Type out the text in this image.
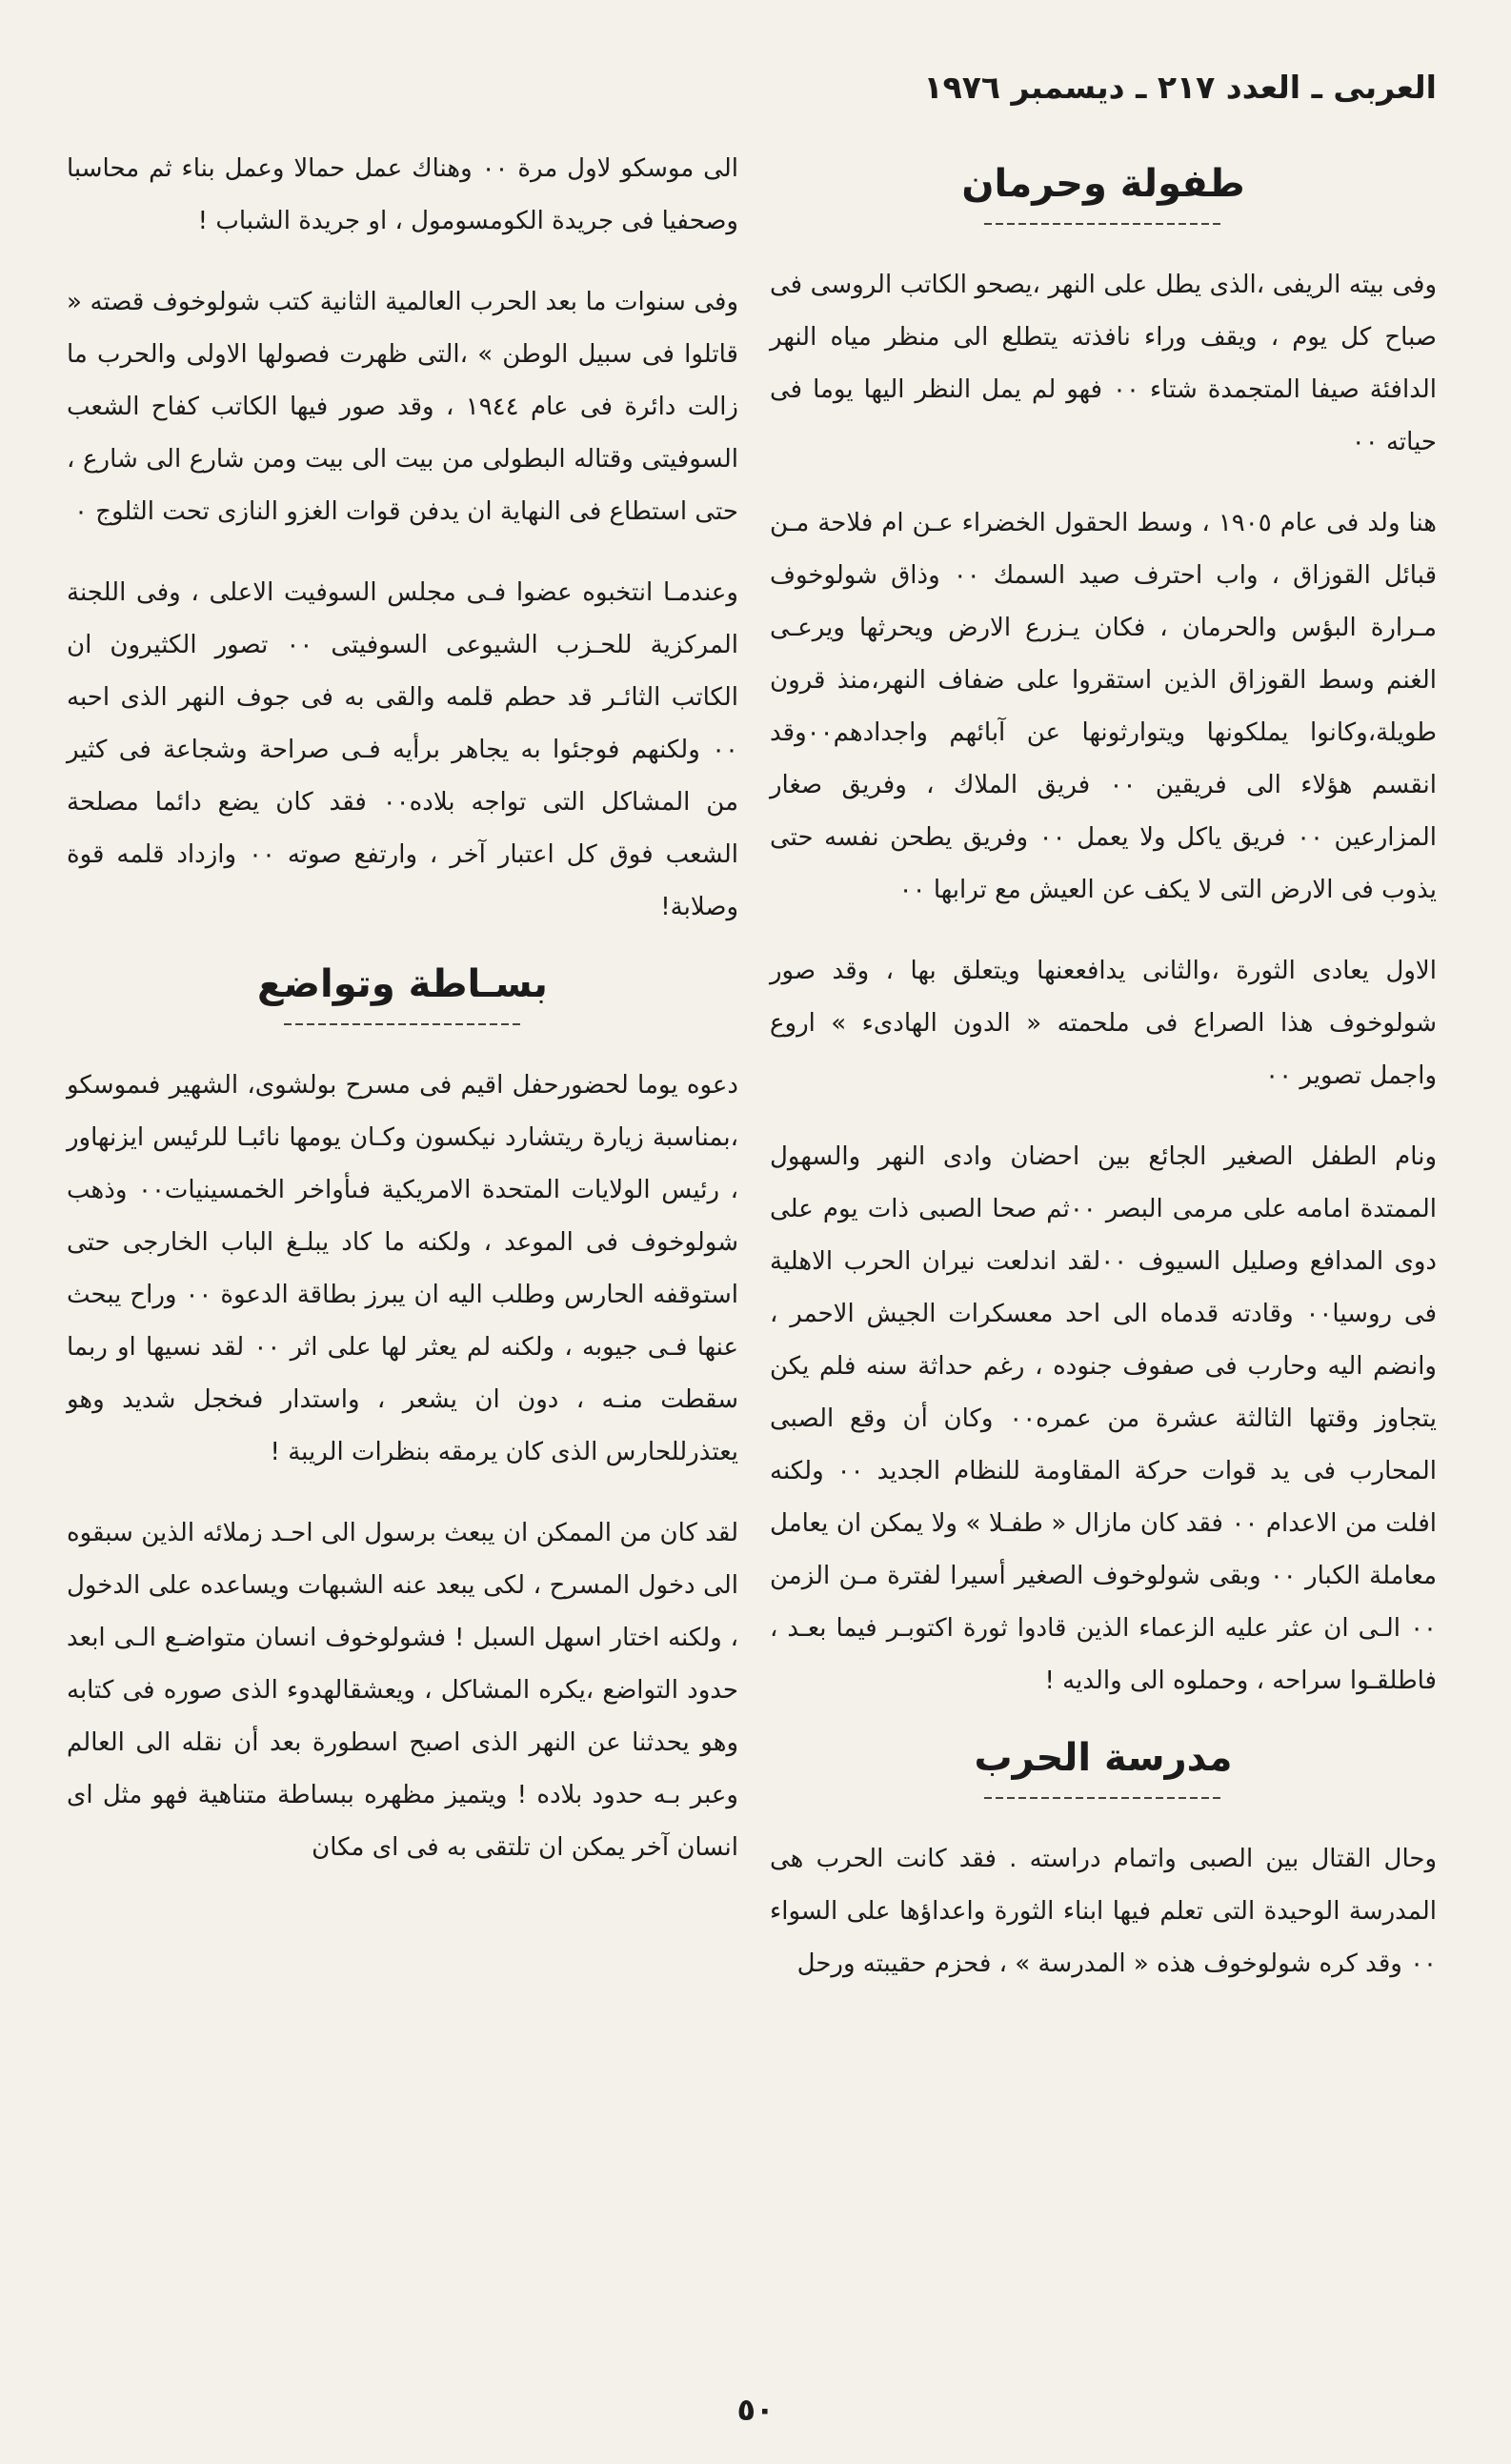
العربى ـ العدد ٢١٧ ـ ديسمبر ١٩٧٦
طفولة وحرمان

وفى بيته الريفى ،الذى يطل على النهر ،يصحو الكاتب الروسى فى صباح كل يوم ، ويقف وراء نافذته يتطلع الى منظر مياه النهر الدافئة صيفا المتجمدة شتاء ٠٠ فهو لم يمل النظر اليها يوما فى حياته ٠٠

هنا ولد فى عام ١٩٠٥ ، وسط الحقول الخضراء عـن ام فلاحة مـن قبائل القوزاق ، واب احترف صيد السمك ٠٠ وذاق شولوخوف مـرارة البؤس والحرمان ، فكان يـزرع الارض ويحرثها ويرعـى الغنم وسط القوزاق الذين استقروا على ضفاف النهر،منذ قرون طويلة،وكانوا يملكونها ويتوارثونها عن آبائهم واجدادهم٠٠وقد انقسم هؤلاء الى فريقين ٠٠ فريق الملاك ، وفريق صغار المزارعين ٠٠ فريق ياكل ولا يعمل ٠٠ وفريق يطحن نفسه حتى يذوب فى الارض التى لا يكف عن العيش مع ترابها ٠٠

الاول يعادى الثورة ،والثانى يدافععنها ويتعلق بها ، وقد صور شولوخوف هذا الصراع فى ملحمته « الدون الهادىء » اروع واجمل تصوير ٠٠

ونام الطفل الصغير الجائع بين احضان وادى النهر والسهول الممتدة امامه على مرمى البصر ٠٠ثم صحا الصبى ذات يوم على دوى المدافع وصليل السيوف ٠٠لقد اندلعت نيران الحرب الاهلية فى روسيا٠٠ وقادته قدماه الى احد معسكرات الجيش الاحمر ، وانضم اليه وحارب فى صفوف جنوده ، رغم حداثة سنه فلم يكن يتجاوز وقتها الثالثة عشرة من عمره٠٠ وكان أن وقع الصبى المحارب فى يد قوات حركة المقاومة للنظام الجديد ٠٠ ولكنه افلت من الاعدام ٠٠ فقد كان مازال « طفـلا » ولا يمكن ان يعامل معاملة الكبار ٠٠ وبقى شولوخوف الصغير أسيرا لفترة مـن الزمن ٠٠ الـى ان عثر عليه الزعماء الذين قادوا ثورة اكتوبـر فيما بعـد ، فاطلقـوا سراحه ، وحملوه الى والديه !

مدرسة الحرب

وحال القتال بين الصبى واتمام دراسته . فقد كانت الحرب هى المدرسة الوحيدة التى تعلم فيها ابناء الثورة واعداؤها على السواء ٠٠ وقد كره شولوخوف هذه « المدرسة » ، فحزم حقيبته ورحل

الى موسكو لاول مرة ٠٠ وهناك عمل حمالا وعمل بناء ثم محاسبا وصحفيا فى جريدة الكومسومول ، او جريدة الشباب !

وفى سنوات ما بعد الحرب العالمية الثانية كتب شولوخوف قصته « قاتلوا فى سبيل الوطن » ،التى ظهرت فصولها الاولى والحرب ما زالت دائرة فى عام ١٩٤٤ ، وقد صور فيها الكاتب كفاح الشعب السوفيتى وقتاله البطولى من بيت الى بيت ومن شارع الى شارع ، حتى استطاع فى النهاية ان يدفن قوات الغزو النازى تحت الثلوج ٠

وعندمـا انتخبوه عضوا فـى مجلس السوفيت الاعلى ، وفى اللجنة المركزية للحـزب الشيوعى السوفيتى ٠٠ تصور الكثيرون ان الكاتب الثائـر قد حطم قلمه والقى به فى جوف النهر الذى احبه ٠٠ ولكنهم فوجئوا به يجاهر برأيه فـى صراحة وشجاعة فى كثير من المشاكل التى تواجه بلاده٠٠ فقد كان يضع دائما مصلحة الشعب فوق كل اعتبار آخر ، وارتفع صوته ٠٠ وازداد قلمه قوة وصلابة!

بسـاطة وتواضع

دعوه يوما لحضورحفل اقيم فى مسرح بولشوى، الشهير فىموسكو ،بمناسبة زيارة ريتشارد نيكسون وكـان يومها نائبـا للرئيس ايزنهاور ، رئيس الولايات المتحدة الامريكية فىأواخر الخمسينيات٠٠ وذهب شولوخوف فى الموعد ، ولكنه ما كاد يبلـغ الباب الخارجى حتى استوقفه الحارس وطلب اليه ان يبرز بطاقة الدعوة ٠٠ وراح يبحث عنها فـى جيوبه ، ولكنه لم يعثر لها على اثر ٠٠ لقد نسيها او ربما سقطت منـه ، دون ان يشعر ، واستدار فىخجل شديد وهو يعتذرللحارس الذى كان يرمقه بنظرات الريبة !

لقد كان من الممكن ان يبعث برسول الى احـد زملائه الذين سبقوه الى دخول المسرح ، لكى يبعد عنه الشبهات ويساعده على الدخول ، ولكنه اختار اسهل السبل ! فشولوخوف انسان متواضـع الـى ابعد حدود التواضع ،يكره المشاكل ، ويعشقالهدوء الذى صوره فى كتابه وهو يحدثنا عن النهر الذى اصبح اسطورة بعد أن نقله الى العالم وعبر بـه حدود بلاده ! ويتميز مظهره ببساطة متناهية فهو مثل اى انسان آخر يمكن ان تلتقى به فى اى مكان

٥٠
